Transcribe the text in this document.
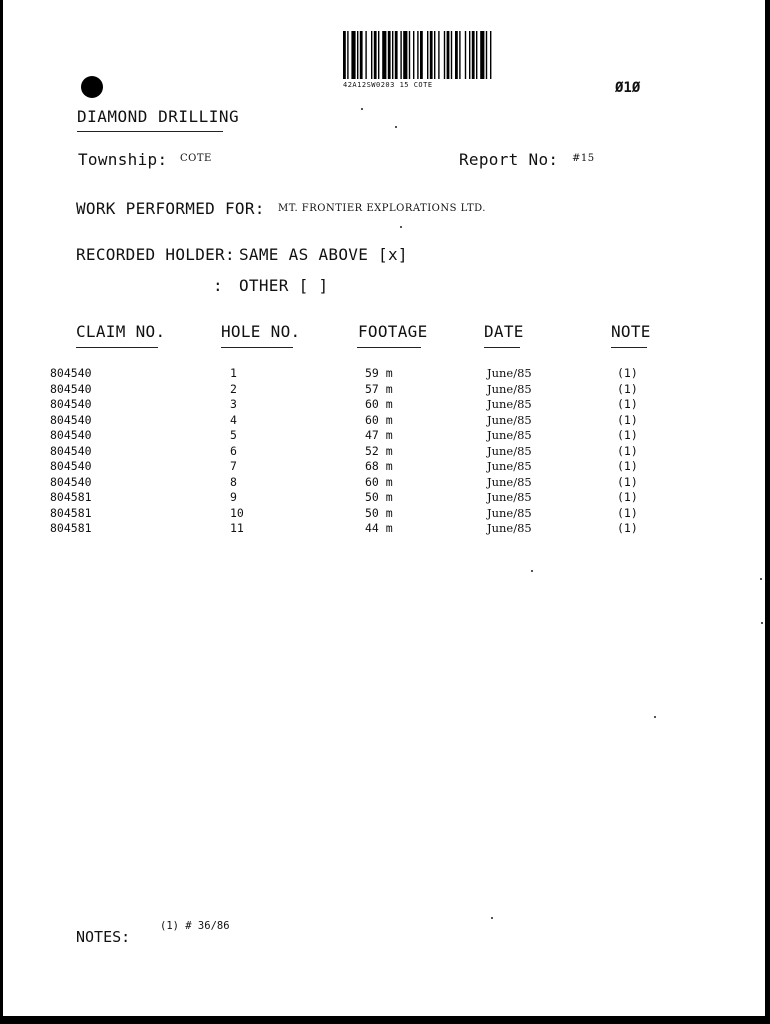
42A12SW0203 15 COTE	Ø1Ø
DIAMOND DRILLING
Township: COTE	Report No: #15
WORK PERFORMED FOR: MT. FRONTIER EXPLORATIONS LTD.
RECORDED HOLDER: SAME AS ABOVE [x]
: OTHER [ ]
CLAIM NO.	HOLE NO.	FOOTAGE	DATE	NOTE
804540	1	59 m	June/85	(1)
804540	2	57 m	June/85	(1)
804540	3	60 m	June/85	(1)
804540	4	60 m	June/85	(1)
804540	5	47 m	June/85	(1)
804540	6	52 m	June/85	(1)
804540	7	68 m	June/85	(1)
804540	8	60 m	June/85	(1)
804581	9	50 m	June/85	(1)
804581	10	50 m	June/85	(1)
804581	11	44 m	June/85	(1)
NOTES:
(1) # 36/86
